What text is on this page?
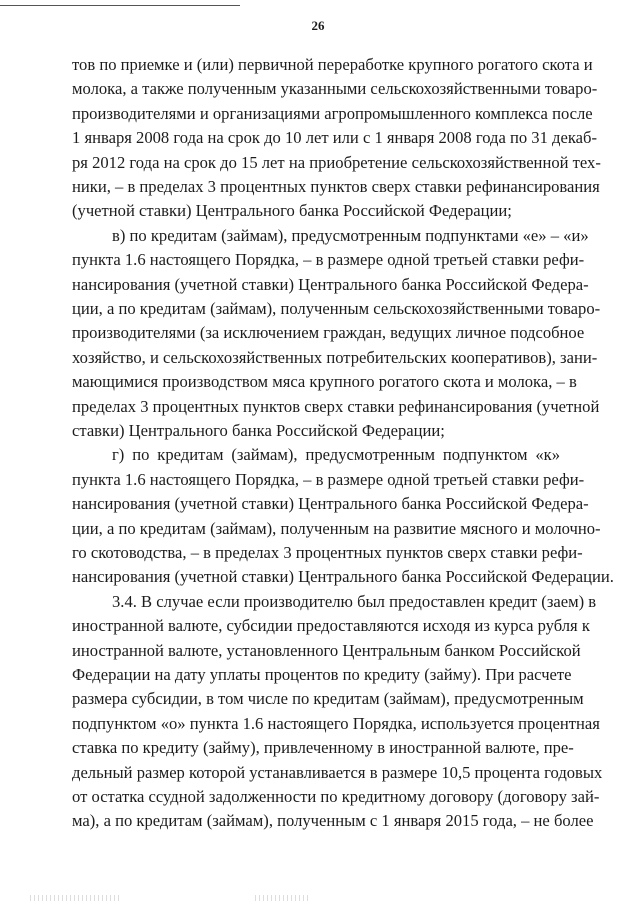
26
тов по приемке и (или) первичной переработке крупного рогатого скота и
молока, а также полученным указанными сельскохозяйственными товаро-
производителями и организациями агропромышленного комплекса после
1 января 2008 года на срок до 10 лет или с 1 января 2008 года по 31 декаб-
ря 2012 года на срок до 15 лет на приобретение сельскохозяйственной тех-
ники, – в пределах 3 процентных пунктов сверх ставки рефинансирования
(учетной ставки) Центрального банка Российской Федерации;
в) по кредитам (займам), предусмотренным подпунктами «е» – «и»
пункта 1.6 настоящего Порядка, – в размере одной третьей ставки рефи-
нансирования (учетной ставки) Центрального банка Российской Федера-
ции, а по кредитам (займам), полученным сельскохозяйственными товаро-
производителями (за исключением граждан, ведущих личное подсобное
хозяйство, и сельскохозяйственных потребительских кооперативов), зани-
мающимися производством мяса крупного рогатого скота и молока, – в
пределах 3 процентных пунктов сверх ставки рефинансирования (учетной
ставки) Центрального банка Российской Федерации;
г) по кредитам (займам), предусмотренным подпунктом «к»
пункта 1.6 настоящего Порядка, – в размере одной третьей ставки рефи-
нансирования (учетной ставки) Центрального банка Российской Федера-
ции, а по кредитам (займам), полученным на развитие мясного и молочно-
го скотоводства, – в пределах 3 процентных пунктов сверх ставки рефи-
нансирования (учетной ставки) Центрального банка Российской Федерации.
3.4. В случае если производителю был предоставлен кредит (заем) в
иностранной валюте, субсидии предоставляются исходя из курса рубля к
иностранной валюте, установленного Центральным банком Российской
Федерации на дату уплаты процентов по кредиту (займу). При расчете
размера субсидии, в том числе по кредитам (займам), предусмотренным
подпунктом «о» пункта 1.6 настоящего Порядка, используется процентная
ставка по кредиту (займу), привлеченному в иностранной валюте, пре-
дельный размер которой устанавливается в размере 10,5 процента годовых
от остатка ссудной задолженности по кредитному договору (договору зай-
ма), а по кредитам (займам), полученным с 1 января 2015 года, – не более
